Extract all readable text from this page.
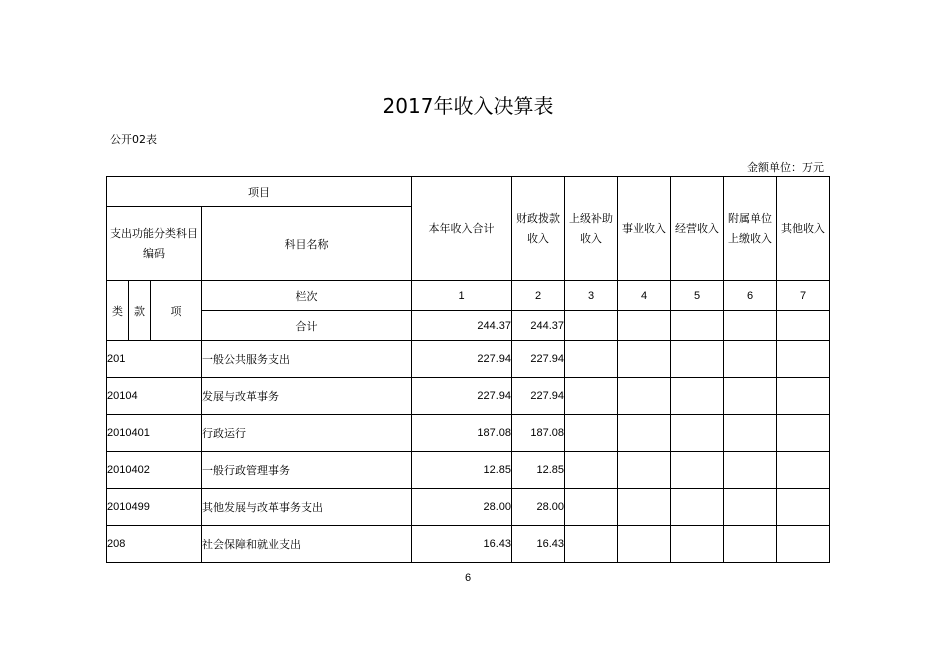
2017年收入决算表
公开02表
金额单位：万元
项目				本年收入合计	财政拨款收入	上级补助收入	事业收入	经营收入	附属单位上缴收入	其他收入
支出功能分类科目编码			科目名称							
类	款	项	栏次	1	2	3	4	5	6	7
			合计	244.37	244.37					
201			一般公共服务支出	227.94	227.94					
20104			发展与改革事务	227.94	227.94					
2010401			行政运行	187.08	187.08					
2010402			一般行政管理事务	12.85	12.85					
2010499			其他发展与改革事务支出	28.00	28.00					
208			社会保障和就业支出	16.43	16.43					
6
